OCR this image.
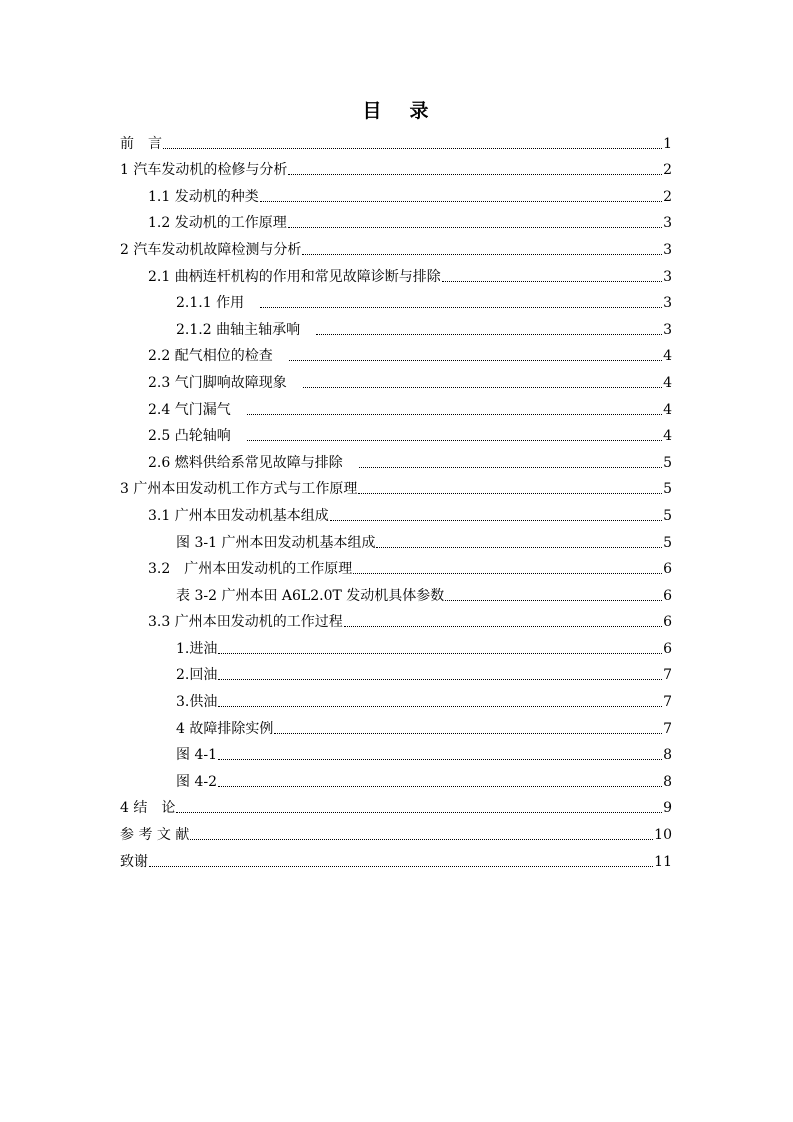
目 录
前　言	1
1 汽车发动机的检修与分析	2
1.1 发动机的种类	2
1.2 发动机的工作原理	3
2 汽车发动机故障检测与分析	3
2.1 曲柄连杆机构的作用和常见故障诊断与排除	3
2.1.1 作用	3
2.1.2 曲轴主轴承响	3
2.2 配气相位的检查	4
2.3 气门脚响故障现象	4
2.4 气门漏气	4
2.5 凸轮轴响	4
2.6 燃料供给系常见故障与排除	5
3 广州本田发动机工作方式与工作原理	5
3.1 广州本田发动机基本组成	5
图 3-1 广州本田发动机基本组成	5
3.2　广州本田发动机的工作原理	6
表 3-2 广州本田 A6L2.0T 发动机具体参数	6
3.3 广州本田发动机的工作过程	6
1.进油	6
2.回油	7
3.供油	7
4 故障排除实例	7
图 4-1	8
图 4-2	8
4 结　论	9
参 考 文 献	10
致谢	11
